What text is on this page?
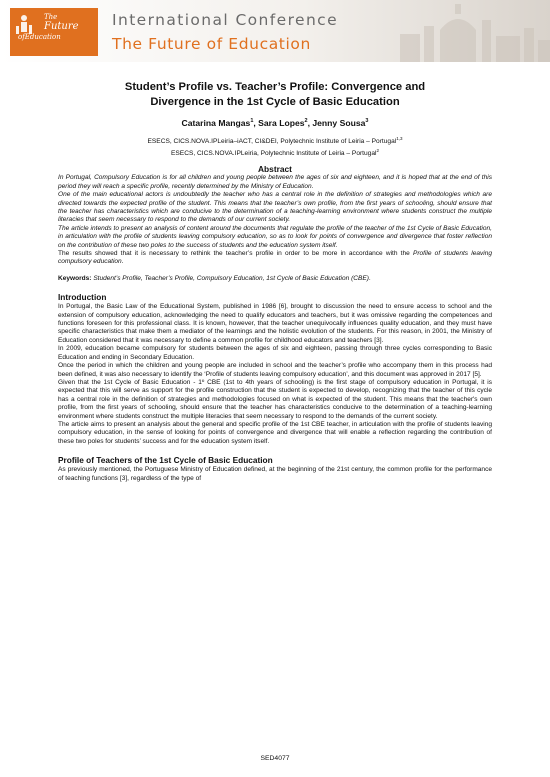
The
Future
ofEducation
International Conference
The Future of Education
Student’s Profile vs. Teacher’s Profile: Convergence and
Divergence in the 1st Cycle of Basic Education
Catarina Mangas$^1$, Sara Lopes$^2$, Jenny Sousa$^3$
ESECS, CICS.NOVA.IPLeiria–iACT, CI&DEI, Polytechnic Institute of Leiria – Portugal$^{1,3}$
ESECS, CICS.NOVA.IPLeiria, Polytechnic Institute of Leiria – Portugal$^2$
Abstract

In Portugal, Compulsory Education is for all children and young people between the ages of six and eighteen, and it is hoped that at the end of this period they will reach a specific profile, recently determined by the Ministry of Education.

One of the main educational actors is undoubtedly the teacher who has a central role in the definition of strategies and methodologies which are directed towards the expected profile of the student. This means that the teacher’s own profile, from the first years of schooling, should ensure that the teacher has characteristics which are conducive to the determination of a teaching-learning environment where students construct the multiple literacies that seem necessary to respond to the demands of our current society.

The article intends to present an analysis of content around the documents that regulate the profile of the teacher of the 1st Cycle of Basic Education, in articulation with the profile of students leaving compulsory education, so as to look for points of convergence and divergence that foster reflection on the contribution of these two poles to the success of students and the education system itself.

The results showed that it is necessary to rethink the teacher’s profile in order to be more in accordance with the Profile of students leaving compulsory education.

Keywords: Student’s Profile, Teacher’s Profile, Compulsory Education, 1st Cycle of Basic Education (CBE).
Introduction

In Portugal, the Basic Law of the Educational System, published in 1986 [6], brought to discussion the need to ensure access to school and the extension of compulsory education, acknowledging the need to qualify educators and teachers, but it was omissive regarding the competences and functions foreseen for this professional class. It is known, however, that the teacher unequivocally influences quality education, and they must have specific characteristics that make them a mediator of the learnings and the holistic evolution of the students. For this reason, in 2001, the Ministry of Education considered that it was necessary to define a common profile for childhood educators and teachers [3].

In 2009, education became compulsory for students between the ages of six and eighteen, passing through three cycles corresponding to Basic Education and ending in Secondary Education.

Once the period in which the children and young people are included in school and the teacher’s profile who accompany them in this process had been defined, it was also necessary to identify the ‘Profile of students leaving compulsory education’, and this document was approved in 2017 [5].

Given that the 1st Cycle of Basic Education - 1º CBE (1st to 4th years of schooling) is the first stage of compulsory education in Portugal, it is expected that this will serve as support for the profile construction that the student is expected to develop, recognizing that the teacher of this cycle has a central role in the definition of strategies and methodologies focused on what is expected of the student. This means that the teacher's own profile, from the first years of schooling, should ensure that the teacher has characteristics conducive to the determination of a teaching-learning environment where students construct the multiple literacies that seem necessary to respond to the demands of the current society.

The article aims to present an analysis about the general and specific profile of the 1st CBE teacher, in articulation with the profile of students leaving compulsory education, in the sense of looking for points of convergence and divergence that will enable a reflection regarding the contribution of these two poles for students’ success and for the education system itself.

Profile of Teachers of the 1st Cycle of Basic Education

As previously mentioned, the Portuguese Ministry of Education defined, at the beginning of the 21st century, the common profile for the performance of teaching functions [3], regardless of the type of

SED4077
